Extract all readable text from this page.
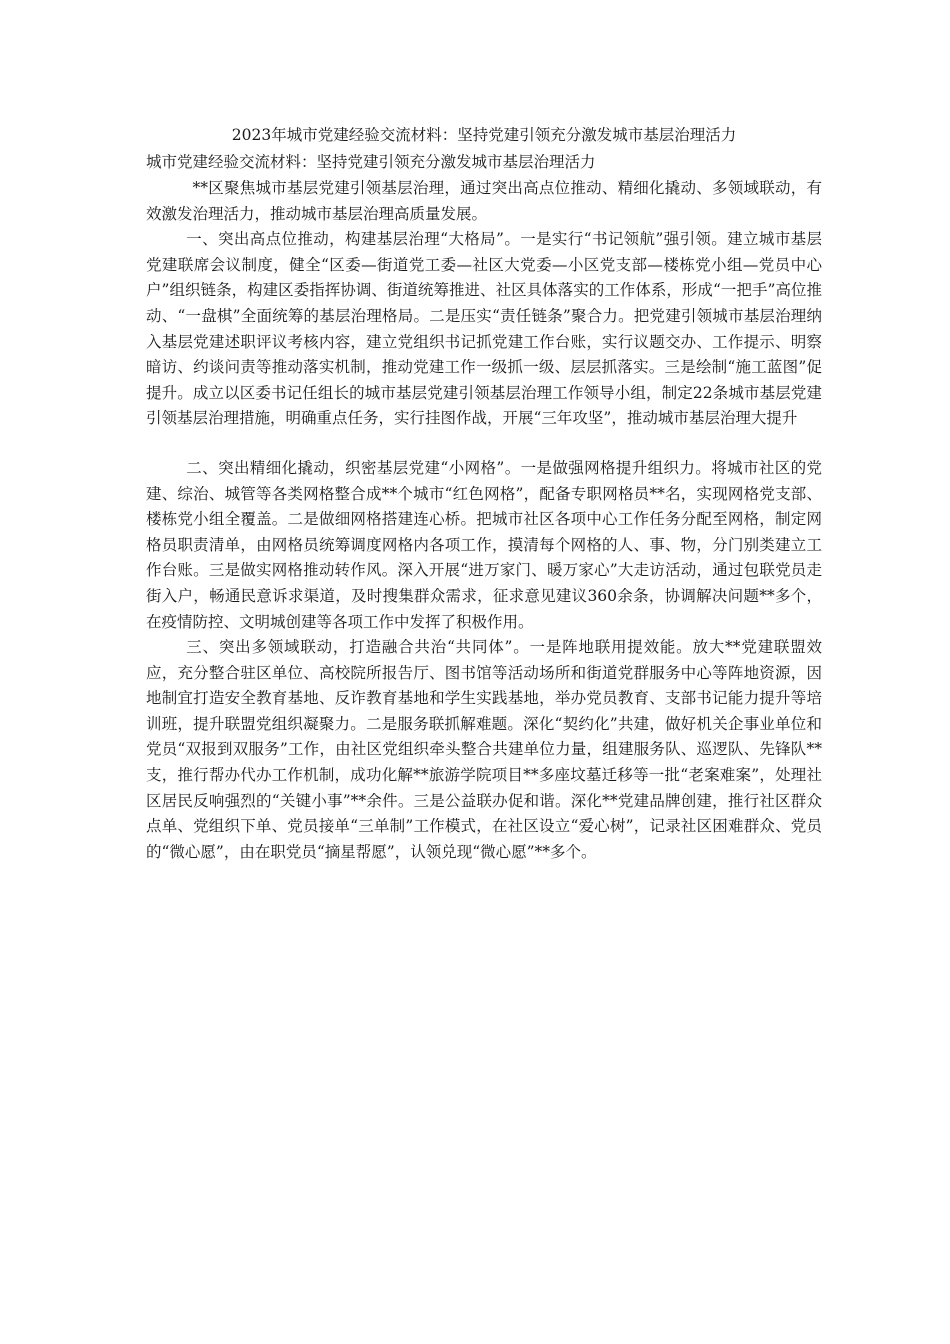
2023年城市党建经验交流材料：坚持党建引领充分激发城市基层治理活力
城市党建经验交流材料：坚持党建引领充分激发城市基层治理活力

**区聚焦城市基层党建引领基层治理，通过突出高点位推动、精细化撬动、多领域联动，有效激发治理活力，推动城市基层治理高质量发展。

一、突出高点位推动，构建基层治理“大格局”。一是实行“书记领航”强引领。建立城市基层党建联席会议制度，健全“区委—街道党工委—社区大党委—小区党支部—楼栋党小组—党员中心户”组织链条，构建区委指挥协调、街道统筹推进、社区具体落实的工作体系，形成“一把手”高位推动、“一盘棋”全面统筹的基层治理格局。二是压实“责任链条”聚合力。把党建引领城市基层治理纳入基层党建述职评议考核内容，建立党组织书记抓党建工作台账，实行议题交办、工作提示、明察暗访、约谈问责等推动落实机制，推动党建工作一级抓一级、层层抓落实。三是绘制“施工蓝图”促提升。成立以区委书记任组长的城市基层党建引领基层治理工作领导小组，制定22条城市基层党建引领基层治理措施，明确重点任务，实行挂图作战，开展“三年攻坚”，推动城市基层治理大提升

二、突出精细化撬动，织密基层党建“小网格”。一是做强网格提升组织力。将城市社区的党建、综治、城管等各类网格整合成**个城市“红色网格”，配备专职网格员**名，实现网格党支部、楼栋党小组全覆盖。二是做细网格搭建连心桥。把城市社区各项中心工作任务分配至网格，制定网格员职责清单，由网格员统筹调度网格内各项工作，摸清每个网格的人、事、物，分门别类建立工作台账。三是做实网格推动转作风。深入开展“进万家门、暖万家心”大走访活动，通过包联党员走街入户，畅通民意诉求渠道，及时搜集群众需求，征求意见建议360余条，协调解决问题**多个，在疫情防控、文明城创建等各项工作中发挥了积极作用。

三、突出多领域联动，打造融合共治“共同体”。一是阵地联用提效能。放大**党建联盟效应，充分整合驻区单位、高校院所报告厅、图书馆等活动场所和街道党群服务中心等阵地资源，因地制宜打造安全教育基地、反诈教育基地和学生实践基地，举办党员教育、支部书记能力提升等培训班，提升联盟党组织凝聚力。二是服务联抓解难题。深化“契约化”共建，做好机关企事业单位和党员“双报到双服务”工作，由社区党组织牵头整合共建单位力量，组建服务队、巡逻队、先锋队**支，推行帮办代办工作机制，成功化解**旅游学院项目**多座坟墓迁移等一批“老案难案”，处理社区居民反响强烈的“关键小事”**余件。三是公益联办促和谐。深化**党建品牌创建，推行社区群众点单、党组织下单、党员接单“三单制”工作模式，在社区设立“爱心树”，记录社区困难群众、党员的“微心愿”，由在职党员“摘星帮愿”，认领兑现“微心愿”**多个。
